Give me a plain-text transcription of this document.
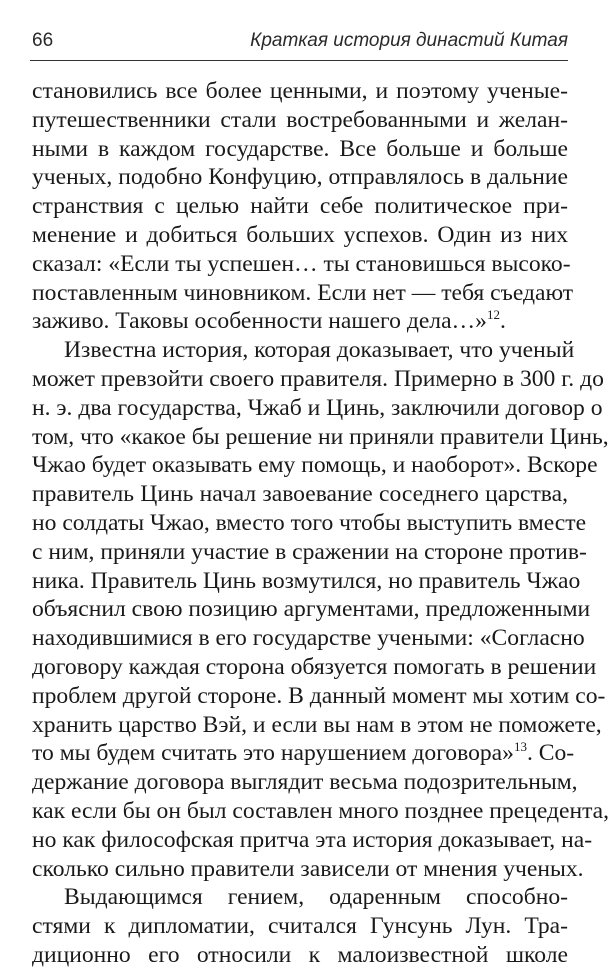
66	Краткая история династий Китая
становились все более ценными, и поэтому ученые-
путешественники стали востребованными и желан-
ными в каждом государстве. Все больше и больше
ученых, подобно Конфуцию, отправлялось в дальние
странствия с целью найти себе политическое при-
менение и добиться больших успехов. Один из них
сказал: «Если ты успешен… ты становишься высоко-
поставленным чиновником. Если нет — тебя съедают
заживо. Таковы особенности нашего дела…»$^{12}$.
Известна история, которая доказывает, что ученый
может превзойти своего правителя. Примерно в 300 г. до
н. э. два государства, Чжаб и Цинь, заключили договор о
том, что «какое бы решение ни приняли правители Цинь,
Чжао будет оказывать ему помощь, и наоборот». Вскоре
правитель Цинь начал завоевание соседнего царства,
но солдаты Чжао, вместо того чтобы выступить вместе
с ним, приняли участие в сражении на стороне против-
ника. Правитель Цинь возмутился, но правитель Чжао
объяснил свою позицию аргументами, предложенными
находившимися в его государстве учеными: «Согласно
договору каждая сторона обязуется помогать в решении
проблем другой стороне. В данный момент мы хотим со-
хранить царство Вэй, и если вы нам в этом не поможете,
то мы будем считать это нарушением договора»$^{13}$. Со-
держание договора выглядит весьма подозрительным,
как если бы он был составлен много позднее прецедента,
но как философская притча эта история доказывает, на-
сколько сильно правители зависели от мнения ученых.
Выдающимся гением, одаренным способно-
стями к дипломатии, считался Гунсунь Лун. Тра-
диционно его относили к малоизвестной школе
